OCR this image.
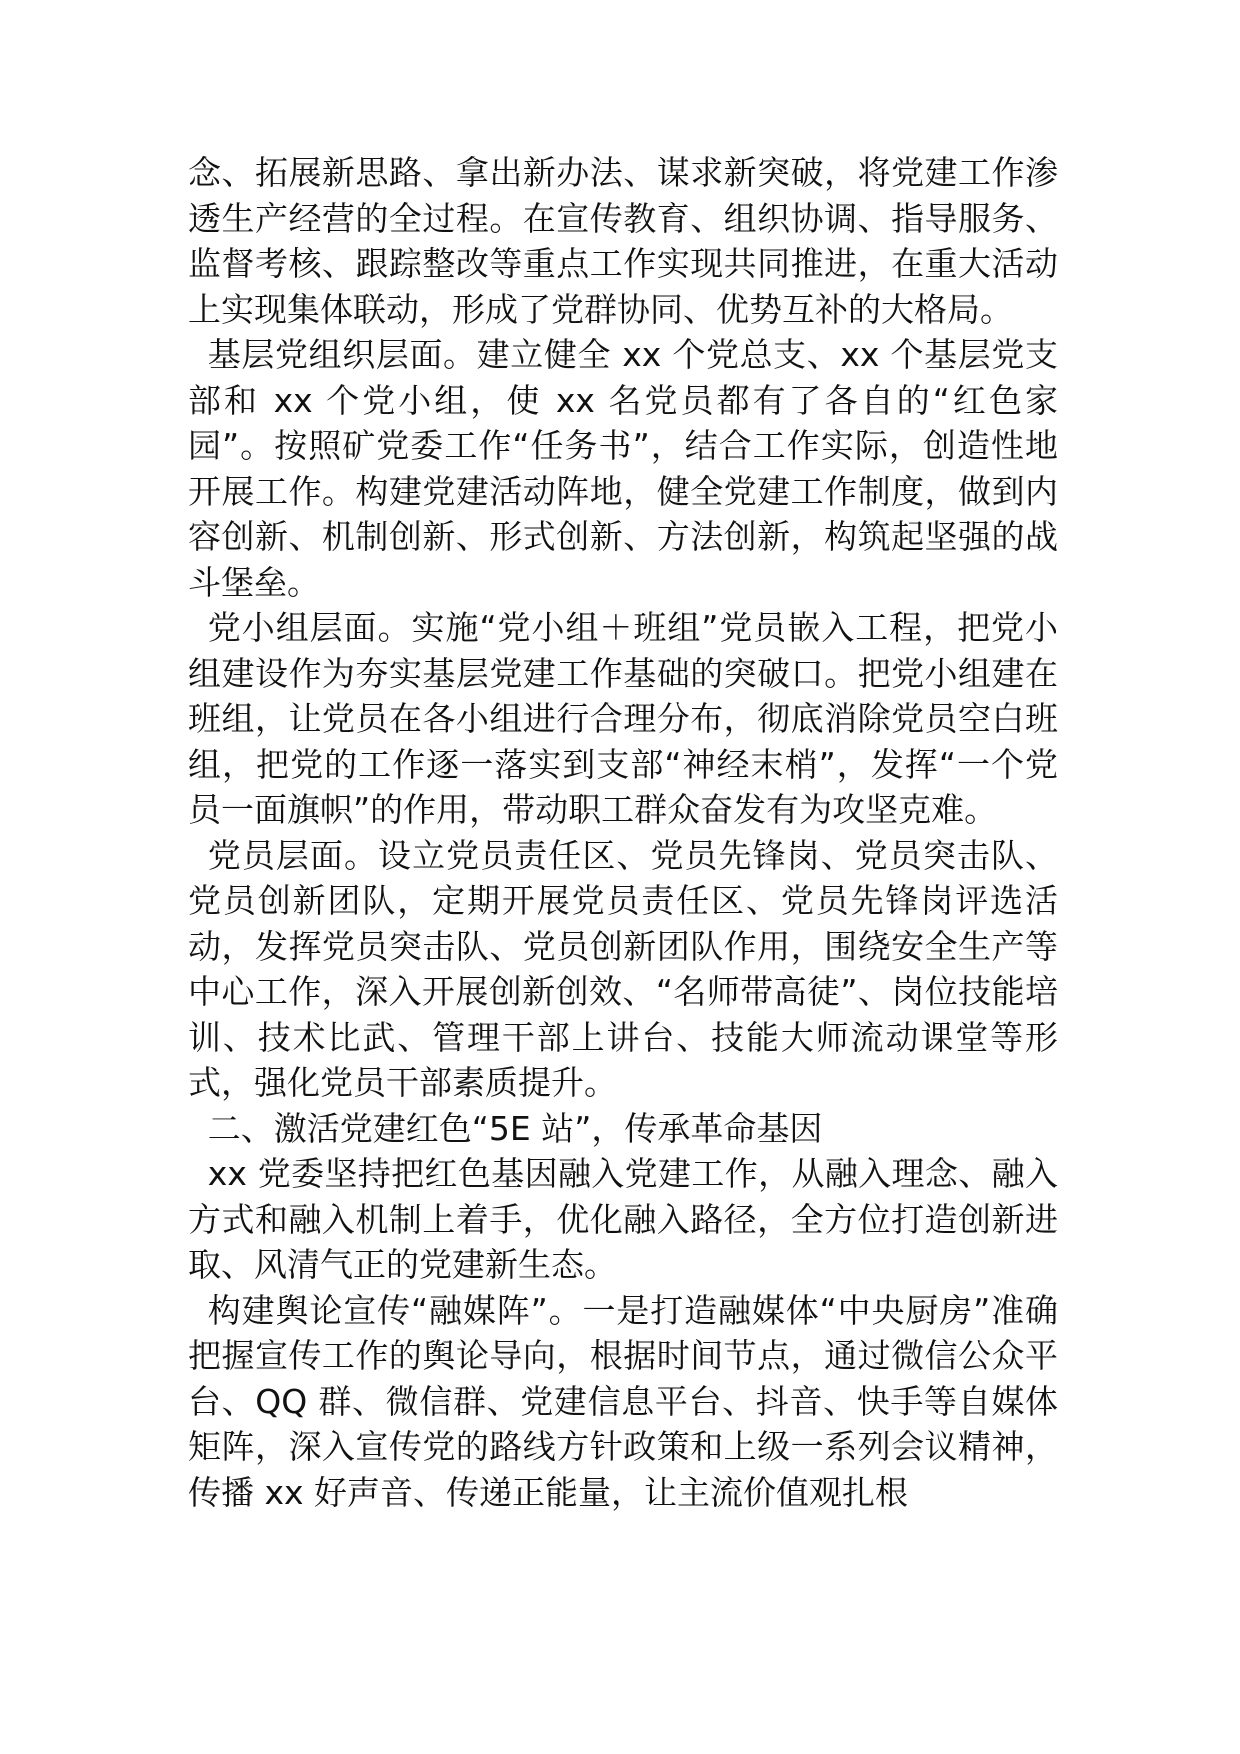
念、拓展新思路、拿出新办法、谋求新突破，将党建工作渗透生产经营的全过程。在宣传教育、组织协调、指导服务、监督考核、跟踪整改等重点工作实现共同推进，在重大活动上实现集体联动，形成了党群协同、优势互补的大格局。

基层党组织层面。建立健全 xx 个党总支、xx 个基层党支部和 xx 个党小组，使 xx 名党员都有了各自的“红色家园”。按照矿党委工作“任务书”，结合工作实际，创造性地开展工作。构建党建活动阵地，健全党建工作制度，做到内容创新、机制创新、形式创新、方法创新，构筑起坚强的战斗堡垒。

党小组层面。实施“党小组＋班组”党员嵌入工程，把党小组建设作为夯实基层党建工作基础的突破口。把党小组建在班组，让党员在各小组进行合理分布，彻底消除党员空白班组，把党的工作逐一落实到支部“神经末梢”，发挥“一个党员一面旗帜”的作用，带动职工群众奋发有为攻坚克难。

党员层面。设立党员责任区、党员先锋岗、党员突击队、党员创新团队，定期开展党员责任区、党员先锋岗评选活动，发挥党员突击队、党员创新团队作用，围绕安全生产等中心工作，深入开展创新创效、“名师带高徒”、岗位技能培训、技术比武、管理干部上讲台、技能大师流动课堂等形式，强化党员干部素质提升。

二、激活党建红色“5E 站”，传承革命基因

xx 党委坚持把红色基因融入党建工作，从融入理念、融入方式和融入机制上着手，优化融入路径，全方位打造创新进取、风清气正的党建新生态。

构建舆论宣传“融媒阵”。一是打造融媒体“中央厨房”准确把握宣传工作的舆论导向，根据时间节点，通过微信公众平台、QQ 群、微信群、党建信息平台、抖音、快手等自媒体矩阵，深入宣传党的路线方针政策和上级一系列会议精神，传播 xx 好声音、传递正能量，让主流价值观扎根
